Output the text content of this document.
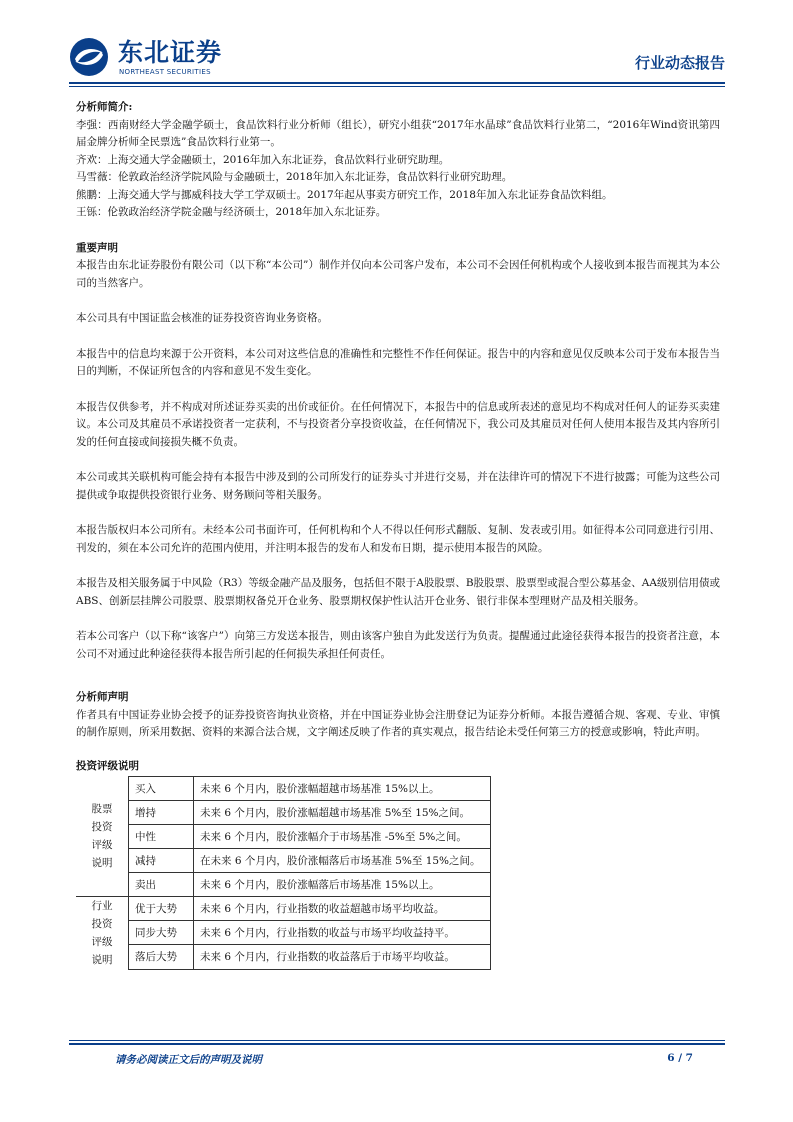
东北证券
NORTHEAST SECURITIES	行业动态报告
分析师简介:

李强：西南财经大学金融学硕士，食品饮料行业分析师（组长），研究小组获“2017年水晶球”食品饮料行业第二，“2016年Wind资讯第四届金牌分析师全民票选”食品饮料行业第一。

齐欢：上海交通大学金融硕士，2016年加入东北证券，食品饮料行业研究助理。

马雪薇：伦敦政治经济学院风险与金融硕士，2018年加入东北证券，食品饮料行业研究助理。

熊鹏：上海交通大学与挪威科技大学工学双硕士。2017年起从事卖方研究工作，2018年加入东北证券食品饮料组。

王铄：伦敦政治经济学院金融与经济硕士，2018年加入东北证券。

重要声明

本报告由东北证券股份有限公司（以下称“本公司”）制作并仅向本公司客户发布，本公司不会因任何机构或个人接收到本报告而视其为本公司的当然客户。

本公司具有中国证监会核准的证券投资咨询业务资格。

本报告中的信息均来源于公开资料，本公司对这些信息的准确性和完整性不作任何保证。报告中的内容和意见仅反映本公司于发布本报告当日的判断，不保证所包含的内容和意见不发生变化。

本报告仅供参考，并不构成对所述证券买卖的出价或征价。在任何情况下，本报告中的信息或所表述的意见均不构成对任何人的证券买卖建议。本公司及其雇员不承诺投资者一定获利，不与投资者分享投资收益，在任何情况下，我公司及其雇员对任何人使用本报告及其内容所引发的任何直接或间接损失概不负责。

本公司或其关联机构可能会持有本报告中涉及到的公司所发行的证券头寸并进行交易，并在法律许可的情况下不进行披露；可能为这些公司提供或争取提供投资银行业务、财务顾问等相关服务。

本报告版权归本公司所有。未经本公司书面许可，任何机构和个人不得以任何形式翻版、复制、发表或引用。如征得本公司同意进行引用、刊发的，须在本公司允许的范围内使用，并注明本报告的发布人和发布日期，提示使用本报告的风险。

本报告及相关服务属于中风险（R3）等级金融产品及服务，包括但不限于A股股票、B股股票、股票型或混合型公募基金、AA级别信用债或ABS、创新层挂牌公司股票、股票期权备兑开仓业务、股票期权保护性认沽开仓业务、银行非保本型理财产品及相关服务。

若本公司客户（以下称“该客户”）向第三方发送本报告，则由该客户独自为此发送行为负责。提醒通过此途径获得本报告的投资者注意，本公司不对通过此种途径获得本报告所引起的任何损失承担任何责任。

分析师声明

作者具有中国证券业协会授予的证券投资咨询执业资格，并在中国证券业协会注册登记为证券分析师。本报告遵循合规、客观、专业、审慎的制作原则，所采用数据、资料的来源合法合规，文字阐述反映了作者的真实观点，报告结论未受任何第三方的授意或影响，特此声明。

投资评级说明
股票
投资
评级
说明	买入	未来 6 个月内，股价涨幅超越市场基准 15%以上。
	增持	未来 6 个月内，股价涨幅超越市场基准 5%至 15%之间。
	中性	未来 6 个月内，股价涨幅介于市场基准 -5%至 5%之间。
	减持	在未来 6 个月内，股价涨幅落后市场基准 5%至 15%之间。
	卖出	未来 6 个月内，股价涨幅落后市场基准 15%以上。

行业
投资
评级
说明	优于大势	未来 6 个月内，行业指数的收益超越市场平均收益。
	同步大势	未来 6 个月内，行业指数的收益与市场平均收益持平。
	落后大势	未来 6 个月内，行业指数的收益落后于市场平均收益。
请务必阅读正文后的声明及说明	6 / 7
